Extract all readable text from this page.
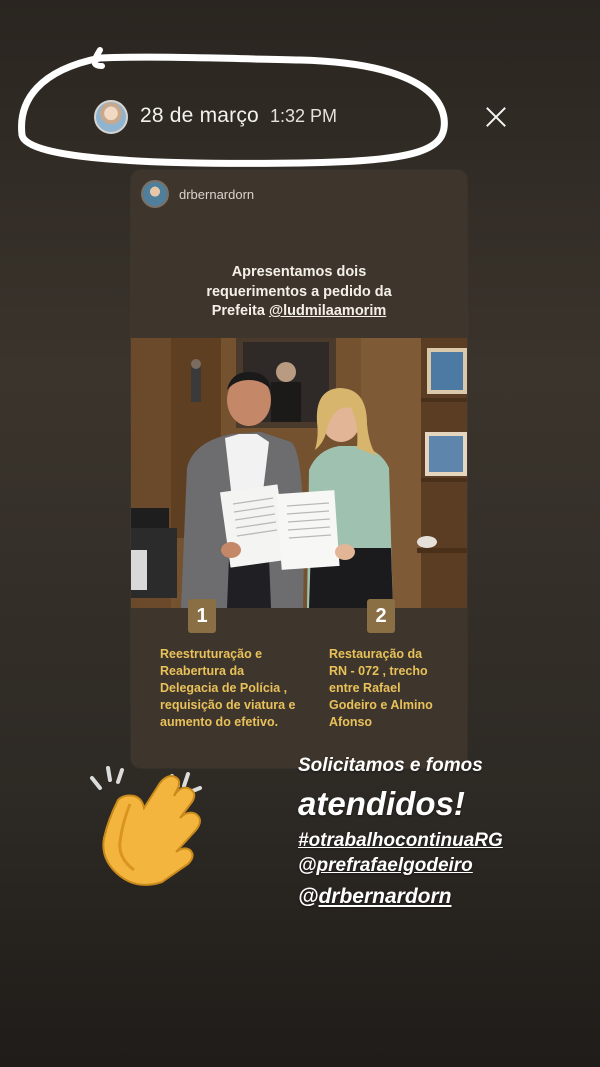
28 de março 1:32 PM
drbernardorn
Apresentamos dois
requerimentos a pedido da
Prefeita @ludmilaamorim
1
Reestruturação e
Reabertura da
Delegacia de Polícia ,
requisição de viatura e
aumento do efetivo.
2
Restauração da
RN - 072 , trecho
entre Rafael
Godeiro e Almino
Afonso
Solicitamos e fomos
atendidos!
#otrabalhocontinuaRG
@prefrafaelgodeiro
@drbernardorn
